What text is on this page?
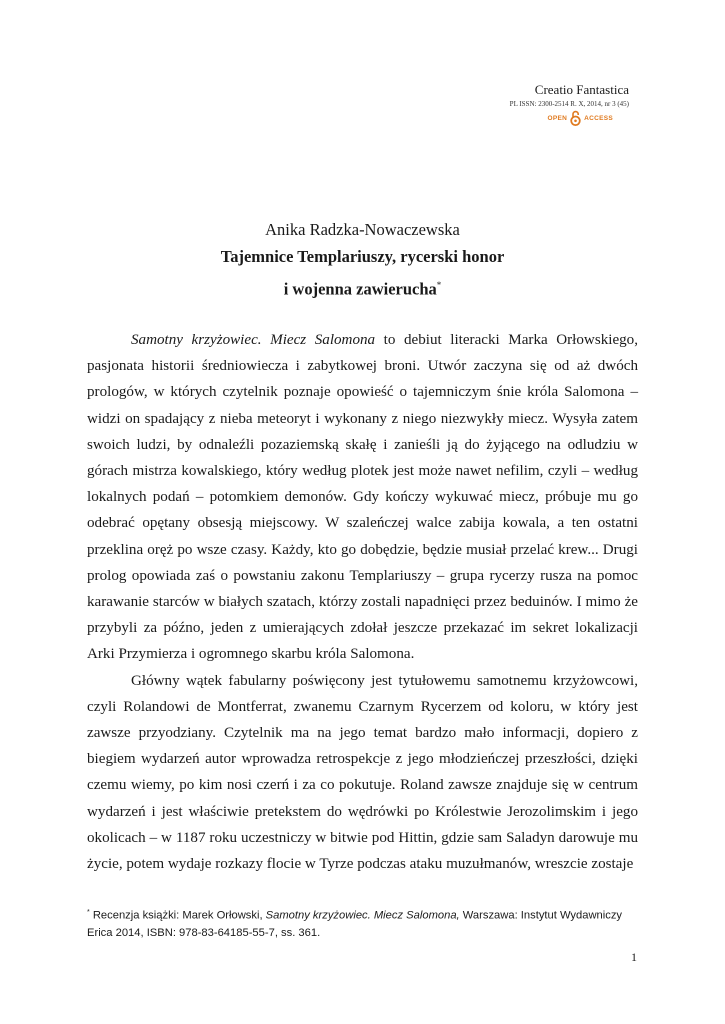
Creatio Fantastica
PL ISSN: 2300-2514 R. X, 2014, nr 3 (45)
OPEN	ACCESS
Anika Radzka-Nowaczewska
Tajemnice Templariuszy, rycerski honor
i wojenna zawierucha*

Samotny krzyżowiec. Miecz Salomona to debiut literacki Marka Orłowskiego, pasjonata historii średniowiecza i zabytkowej broni. Utwór zaczyna się od aż dwóch prologów, w których czytelnik poznaje opowieść o tajemniczym śnie króla Salomona – widzi on spadający z nieba meteoryt i wykonany z niego niezwykły miecz. Wysyła zatem swoich ludzi, by odnaleźli pozaziemską skałę i zanieśli ją do żyjącego na odludziu w górach mistrza kowalskiego, który według plotek jest może nawet nefilim, czyli – według lokalnych podań – potomkiem demonów. Gdy kończy wykuwać miecz, próbuje mu go odebrać opętany obsesją miejscowy. W szaleńczej walce zabija kowala, a ten ostatni przeklina oręż po wsze czasy. Każdy, kto go dobędzie, będzie musiał przelać krew... Drugi prolog opowiada zaś o powstaniu zakonu Templariuszy – grupa rycerzy rusza na pomoc karawanie starców w białych szatach, którzy zostali napadnięci przez beduinów. I mimo że przybyli za późno, jeden z umierających zdołał jeszcze przekazać im sekret lokalizacji Arki Przymierza i ogromnego skarbu króla Salomona.

Główny wątek fabularny poświęcony jest tytułowemu samotnemu krzyżowcowi, czyli Rolandowi de Montferrat, zwanemu Czarnym Rycerzem od koloru, w który jest zawsze przyodziany. Czytelnik ma na jego temat bardzo mało informacji, dopiero z biegiem wydarzeń autor wprowadza retrospekcje z jego młodzieńczej przeszłości, dzięki czemu wiemy, po kim nosi czerń i za co pokutuje. Roland zawsze znajduje się w centrum wydarzeń i jest właściwie pretekstem do wędrówki po Królestwie Jerozolimskim i jego okolicach – w 1187 roku uczestniczy w bitwie pod Hittin, gdzie sam Saladyn darowuje mu życie, potem wydaje rozkazy flocie w Tyrze podczas ataku muzułmanów, wreszcie zostaje

* Recenzja książki: Marek Orłowski, Samotny krzyżowiec. Miecz Salomona, Warszawa: Instytut Wydawniczy Erica 2014, ISBN: 978-83-64185-55-7, ss. 361.
1
